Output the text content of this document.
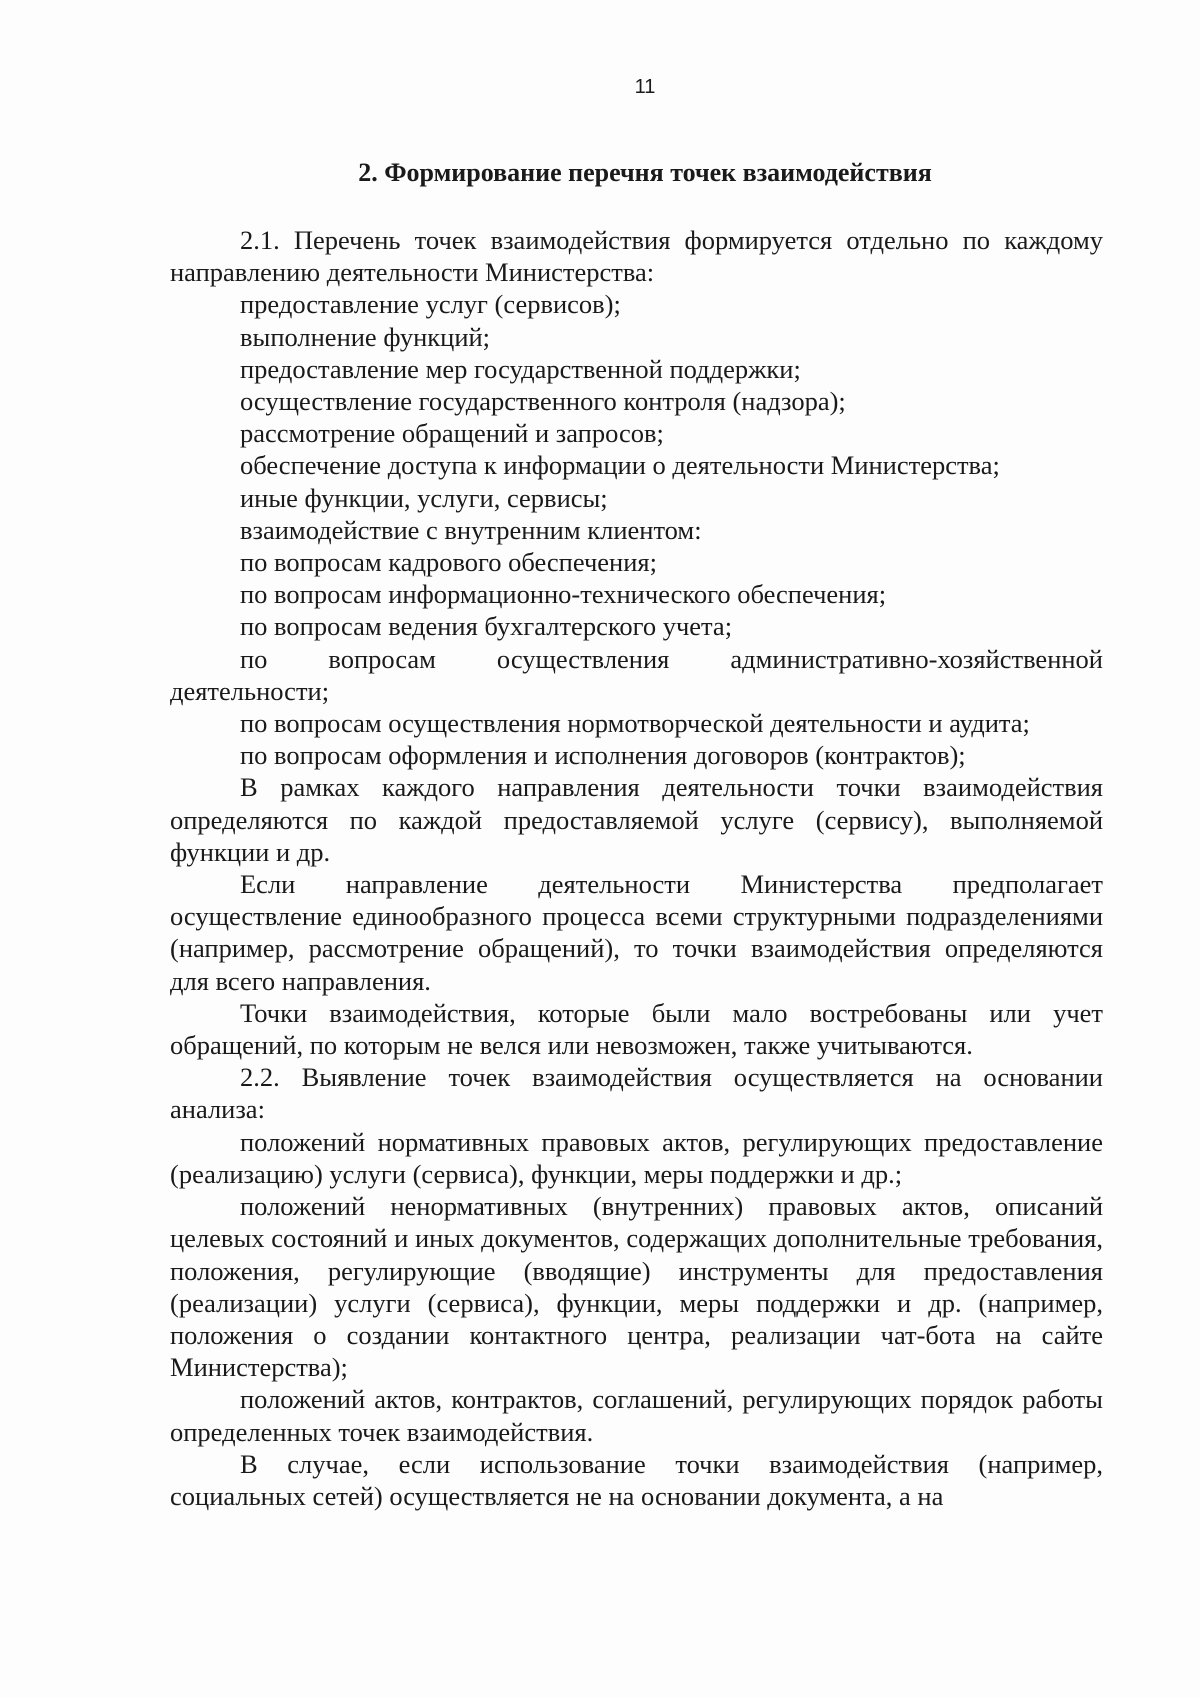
11
2. Формирование перечня точек взаимодействия

2.1. Перечень точек взаимодействия формируется отдельно по каждому направлению деятельности Министерства:

предоставление услуг (сервисов);

выполнение функций;

предоставление мер государственной поддержки;

осуществление государственного контроля (надзора);

рассмотрение обращений и запросов;

обеспечение доступа к информации о деятельности Министерства;

иные функции, услуги, сервисы;

взаимодействие с внутренним клиентом:

по вопросам кадрового обеспечения;

по вопросам информационно-технического обеспечения;

по вопросам ведения бухгалтерского учета;

по вопросам осуществления административно-хозяйственной деятельности;

по вопросам осуществления нормотворческой деятельности и аудита;

по вопросам оформления и исполнения договоров (контрактов);

В рамках каждого направления деятельности точки взаимодействия определяются по каждой предоставляемой услуге (сервису), выполняемой функции и др.

Если направление деятельности Министерства предполагает осуществление единообразного процесса всеми структурными подразделениями (например, рассмотрение обращений), то точки взаимодействия определяются для всего направления.

Точки взаимодействия, которые были мало востребованы или учет обращений, по которым не велся или невозможен, также учитываются.

2.2. Выявление точек взаимодействия осуществляется на основании анализа:

положений нормативных правовых актов, регулирующих предоставление (реализацию) услуги (сервиса), функции, меры поддержки и др.;

положений ненормативных (внутренних) правовых актов, описаний целевых состояний и иных документов, содержащих дополнительные требования, положения, регулирующие (вводящие) инструменты для предоставления (реализации) услуги (сервиса), функции, меры поддержки и др. (например, положения о создании контактного центра, реализации чат-бота на сайте Министерства);

положений актов, контрактов, соглашений, регулирующих порядок работы определенных точек взаимодействия.

В случае, если использование точки взаимодействия (например, социальных сетей) осуществляется не на основании документа, а на
